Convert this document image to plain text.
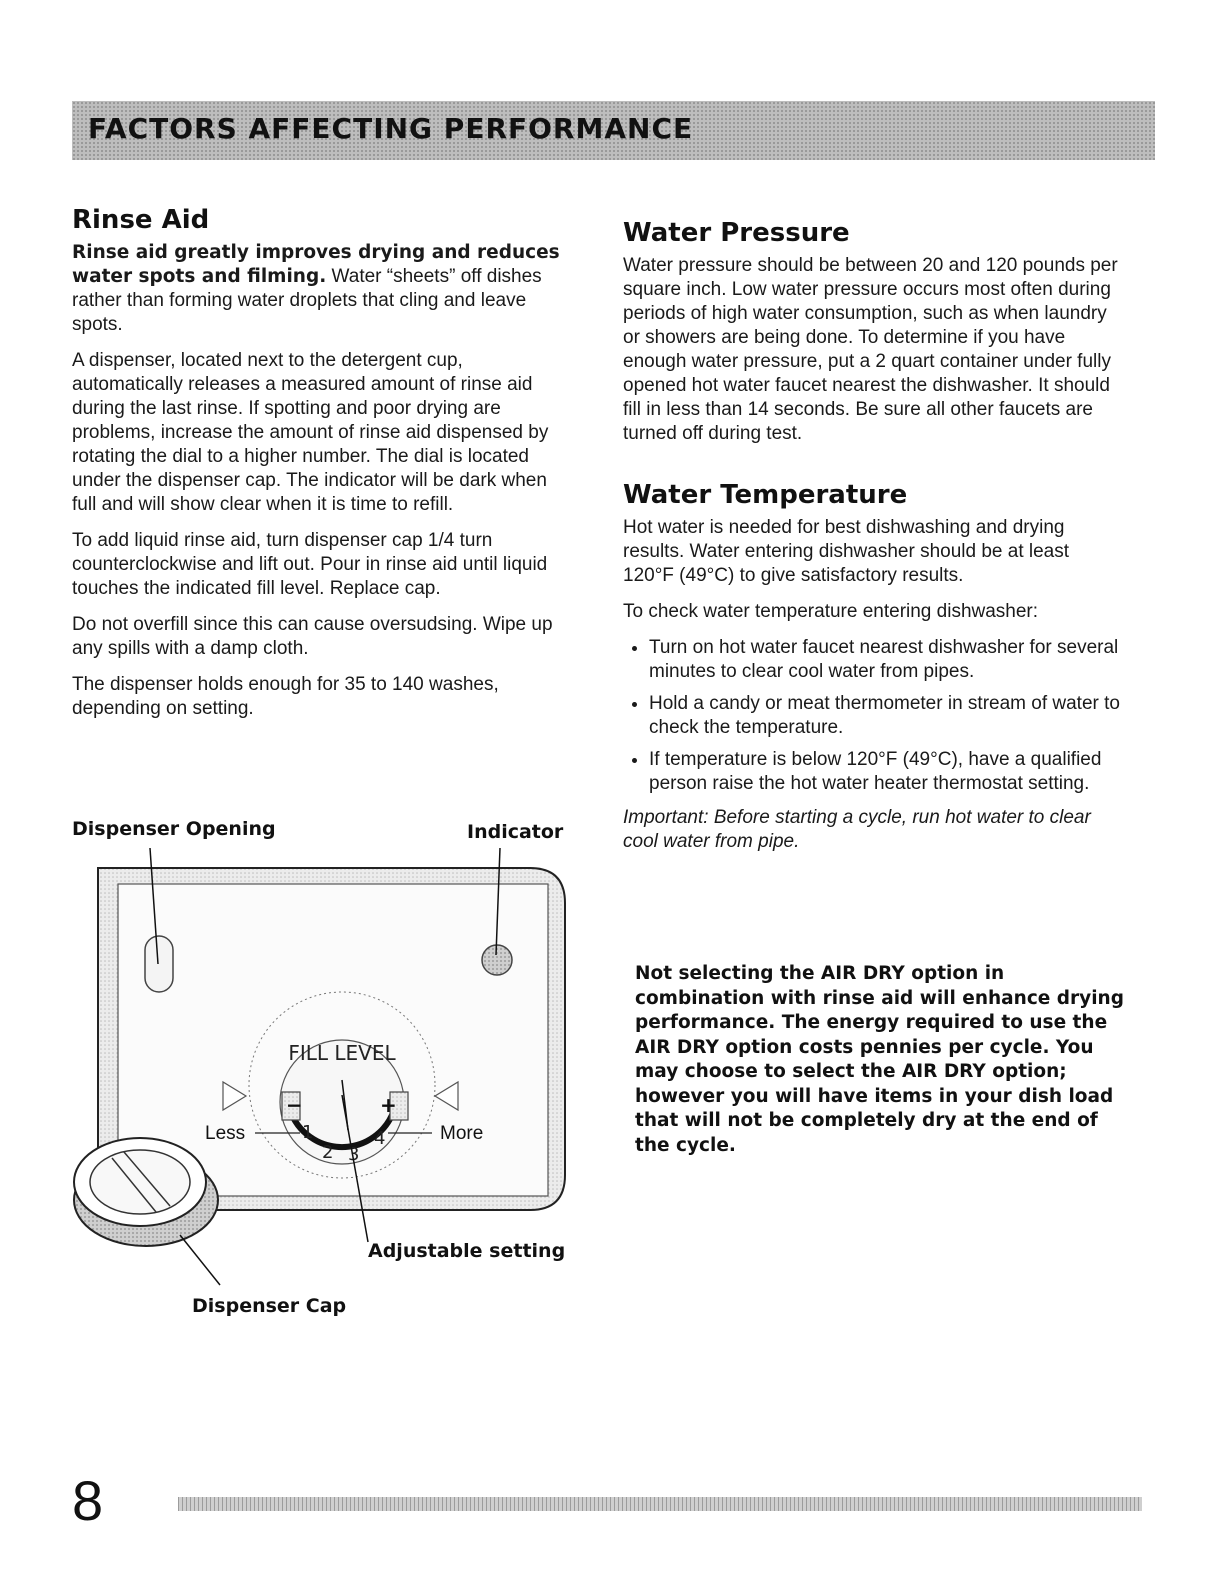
FACTORS AFFECTING PERFORMANCE
Rinse Aid

Rinse aid greatly improves drying and reduces water spots and filming. Water “sheets” off dishes rather than forming water droplets that cling and leave spots.

A dispenser, located next to the detergent cup, automatically releases a measured amount of rinse aid during the last rinse. If spotting and poor drying are problems, increase the amount of rinse aid dispensed by rotating the dial to a higher number. The dial is located under the dispenser cap. The indicator will be dark when full and will show clear when it is time to refill.

To add liquid rinse aid, turn dispenser cap 1/4 turn counterclockwise and lift out. Pour in rinse aid until liquid touches the indicated fill level. Replace cap.

Do not overfill since this can cause oversudsing. Wipe up any spills with a damp cloth.

The dispenser holds enough for 35 to 140 washes, depending on setting.

Dispenser Opening	Indicator
Adjustable setting
Dispenser Cap
FILL LEVEL
1
2 3
4
−	+
Less	More
Water Pressure

Water pressure should be between 20 and 120 pounds per square inch. Low water pressure occurs most often during periods of high water consumption, such as when laundry or showers are being done. To determine if you have enough water pressure, put a 2 quart container under fully opened hot water faucet nearest the dishwasher. It should fill in less than 14 seconds. Be sure all other faucets are turned off during test.

Water Temperature

Hot water is needed for best dishwashing and drying results. Water entering dishwasher should be at least 120°F (49°C) to give satisfactory results.

To check water temperature entering dishwasher:

• Turn on hot water faucet nearest dishwasher for several minutes to clear cool water from pipes.
• Hold a candy or meat thermometer in stream of water to check the temperature.
• If temperature is below 120°F (49°C), have a qualified person raise the hot water heater thermostat setting.
Important: Before starting a cycle, run hot water to clear cool water from pipe.
Not selecting the AIR DRY option in combination with rinse aid will enhance drying performance. The energy required to use the AIR DRY option costs pennies per cycle. You may choose to select the AIR DRY option; however you will have items in your dish load that will not be completely dry at the end of the cycle.
8
